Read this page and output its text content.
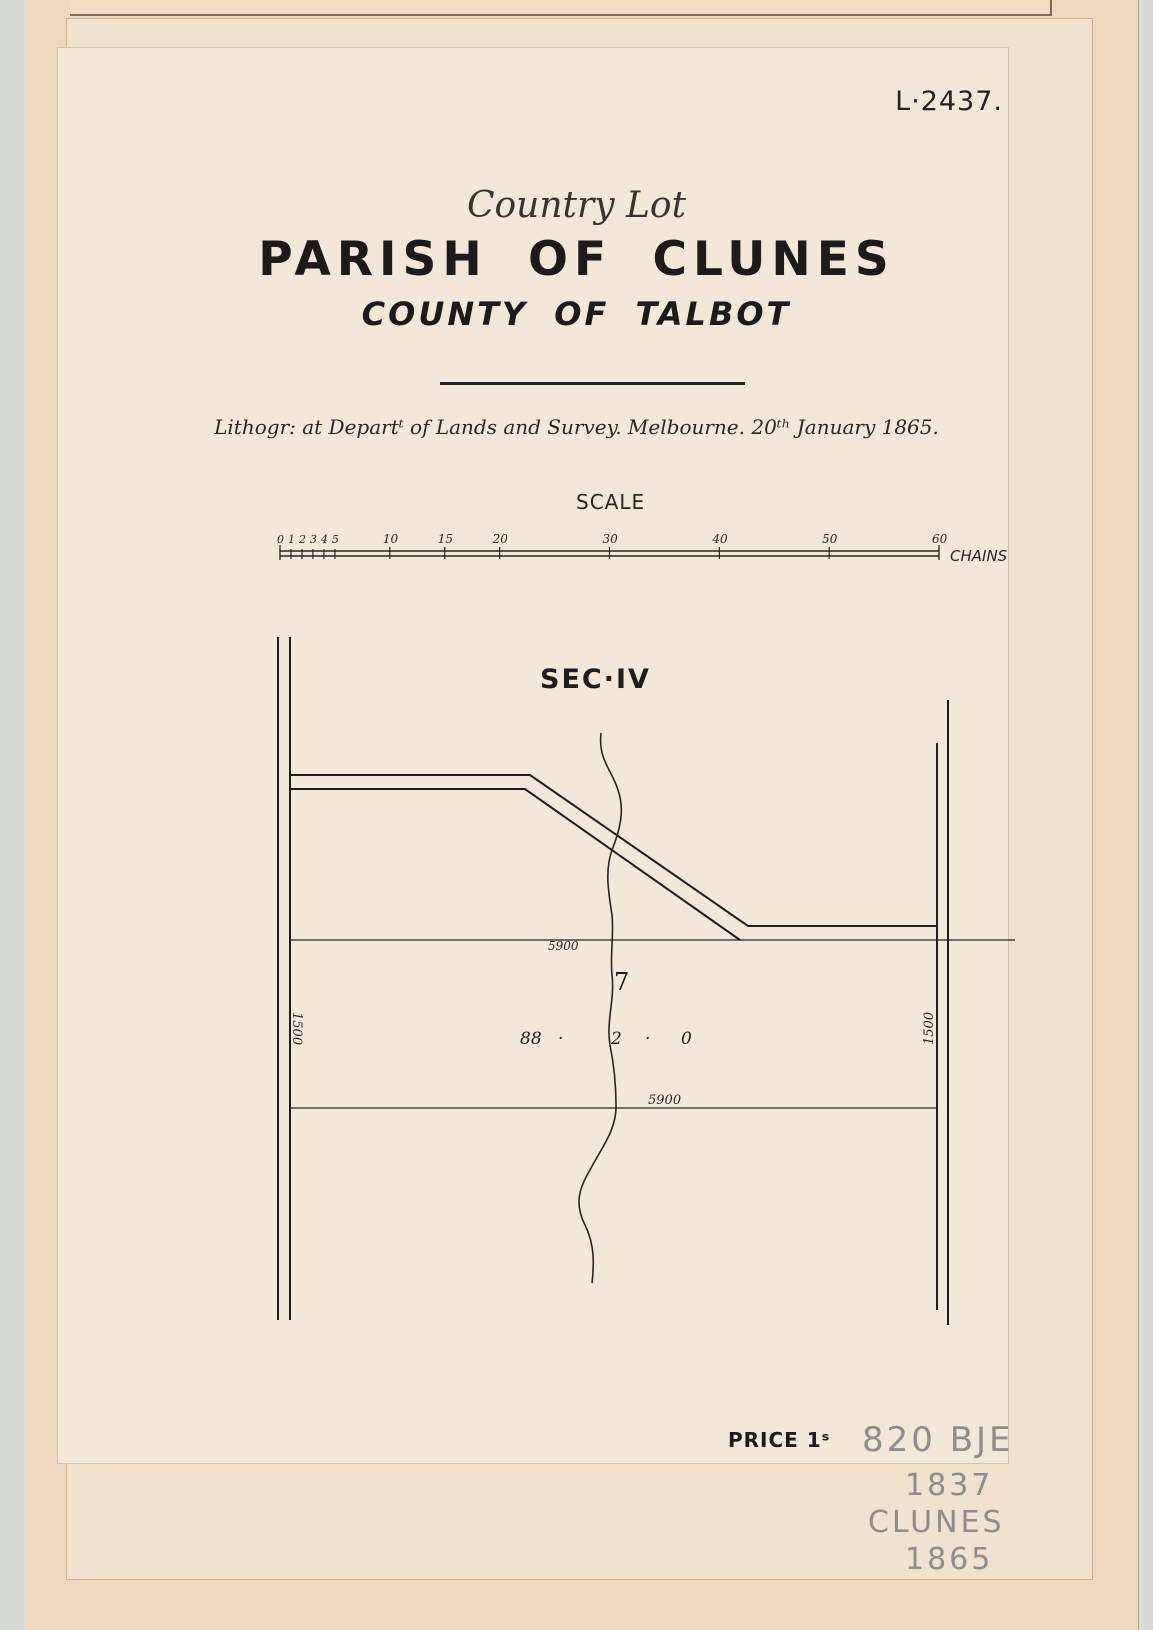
L·2437.
Country Lot
PARISH OF CLUNES
COUNTY OF TALBOT
Lithogr: at Departᵗ of Lands and Survey. Melbourne. 20ᵗʰ January 1865.
SCALE
0 1 2 3 4 5	10	15	20	30	40	50	60
CHAINS
SEC·IV
5900
5900
1500	1500
7
88 ·	2 · 0
PRICE 1ˢ 820 BJE
1837
CLUNES
1865
